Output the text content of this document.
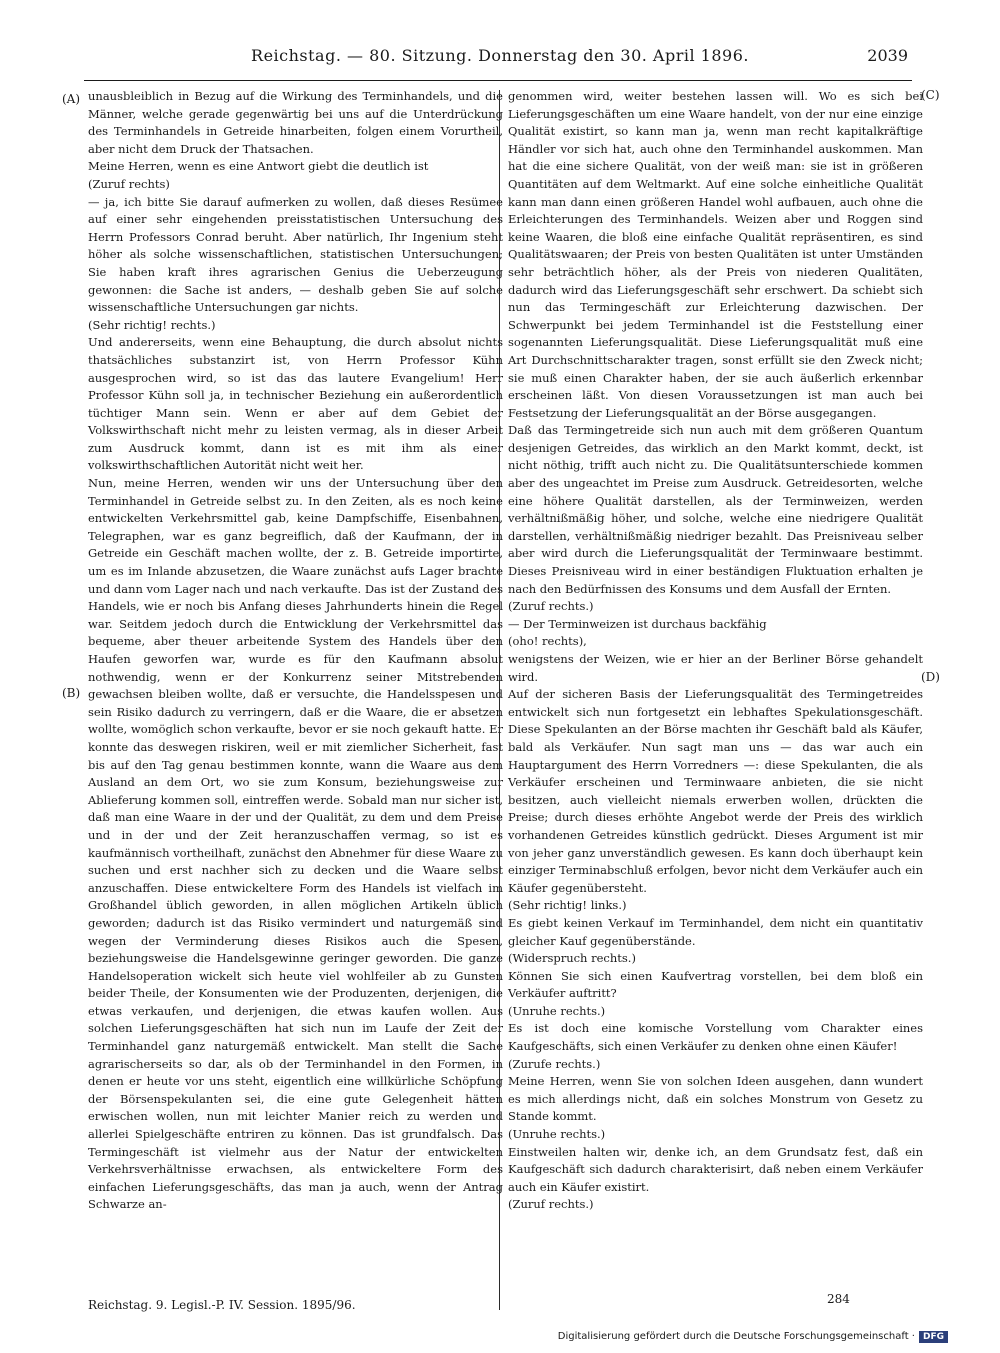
Reichstag. — 80. Sitzung. Donnerstag den 30. April 1896.	2039
(A)
(B)
(C)
(D)
unausbleiblich in Bezug auf die Wirkung des Terminhandels, und die Männer, welche gerade gegenwärtig bei uns auf die Unterdrückung des Terminhandels in Getreide hinarbeiten, folgen einem Vorurtheil, aber nicht dem Druck der Thatsachen.
Meine Herren, wenn es eine Antwort giebt die deutlich ist
(Zuruf rechts)
— ja, ich bitte Sie darauf aufmerken zu wollen, daß dieses Resümee auf einer sehr eingehenden preisstatistischen Untersuchung des Herrn Professors Conrad beruht. Aber natürlich, Ihr Ingenium steht höher als solche wissenschaftlichen, statistischen Untersuchungen; Sie haben kraft ihres agrarischen Genius die Ueberzeugung gewonnen: die Sache ist anders, — deshalb geben Sie auf solche wissenschaftliche Untersuchungen gar nichts.
(Sehr richtig! rechts.)
Und andererseits, wenn eine Behauptung, die durch absolut nichts thatsächliches substanzirt ist, von Herrn Professor Kühn ausgesprochen wird, so ist das das lautere Evangelium! Herr Professor Kühn soll ja, in technischer Beziehung ein außerordentlich tüchtiger Mann sein. Wenn er aber auf dem Gebiet der Volkswirthschaft nicht mehr zu leisten vermag, als in dieser Arbeit zum Ausdruck kommt, dann ist es mit ihm als einer volkswirthschaftlichen Autorität nicht weit her.
Nun, meine Herren, wenden wir uns der Untersuchung über den Terminhandel in Getreide selbst zu. In den Zeiten, als es noch keine entwickelten Verkehrsmittel gab, keine Dampfschiffe, Eisenbahnen, Telegraphen, war es ganz begreiflich, daß der Kaufmann, der in Getreide ein Geschäft machen wollte, der z. B. Getreide importirte, um es im Inlande abzusetzen, die Waare zunächst aufs Lager brachte und dann vom Lager nach und nach verkaufte. Das ist der Zustand des Handels, wie er noch bis Anfang dieses Jahrhunderts hinein die Regel war. Seitdem jedoch durch die Entwicklung der Verkehrsmittel das bequeme, aber theuer arbeitende System des Handels über den Haufen geworfen war, wurde es für den Kaufmann absolut nothwendig, wenn er der Konkurrenz seiner Mitstrebenden gewachsen bleiben wollte, daß er versuchte, die Handelsspesen und sein Risiko dadurch zu verringern, daß er die Waare, die er absetzen wollte, womöglich schon verkaufte, bevor er sie noch gekauft hatte. Er konnte das deswegen riskiren, weil er mit ziemlicher Sicherheit, fast bis auf den Tag genau bestimmen konnte, wann die Waare aus dem Ausland an dem Ort, wo sie zum Konsum, beziehungsweise zur Ablieferung kommen soll, eintreffen werde. Sobald man nur sicher ist, daß man eine Waare in der und der Qualität, zu dem und dem Preise und in der und der Zeit heranzuschaffen vermag, so ist es kaufmännisch vortheilhaft, zunächst den Abnehmer für diese Waare zu suchen und erst nachher sich zu decken und die Waare selbst anzuschaffen. Diese entwickeltere Form des Handels ist vielfach im Großhandel üblich geworden, in allen möglichen Artikeln üblich geworden; dadurch ist das Risiko vermindert und naturgemäß sind wegen der Verminderung dieses Risikos auch die Spesen, beziehungsweise die Handelsgewinne geringer geworden. Die ganze Handelsoperation wickelt sich heute viel wohlfeiler ab zu Gunsten beider Theile, der Konsumenten wie der Produzenten, derjenigen, die etwas verkaufen, und derjenigen, die etwas kaufen wollen. Aus solchen Lieferungsgeschäften hat sich nun im Laufe der Zeit der Terminhandel ganz naturgemäß entwickelt. Man stellt die Sache agrarischerseits so dar, als ob der Terminhandel in den Formen, in denen er heute vor uns steht, eigentlich eine willkürliche Schöpfung der Börsenspekulanten sei, die eine gute Gelegenheit hätten erwischen wollen, nun mit leichter Manier reich zu werden und allerlei Spielgeschäfte entriren zu können. Das ist grundfalsch. Das Termingeschäft ist vielmehr aus der Natur der entwickelten Verkehrsverhältnisse erwachsen, als entwickeltere Form des einfachen Lieferungsgeschäfts, das man ja auch, wenn der Antrag Schwarze an-
genommen wird, weiter bestehen lassen will. Wo es sich bei Lieferungsgeschäften um eine Waare handelt, von der nur eine einzige Qualität existirt, so kann man ja, wenn man recht kapitalkräftige Händler vor sich hat, auch ohne den Terminhandel auskommen. Man hat die eine sichere Qualität, von der weiß man: sie ist in größeren Quantitäten auf dem Weltmarkt. Auf eine solche einheitliche Qualität kann man dann einen größeren Handel wohl aufbauen, auch ohne die Erleichterungen des Terminhandels. Weizen aber und Roggen sind keine Waaren, die bloß eine einfache Qualität repräsentiren, es sind Qualitätswaaren; der Preis von besten Qualitäten ist unter Umständen sehr beträchtlich höher, als der Preis von niederen Qualitäten, dadurch wird das Lieferungsgeschäft sehr erschwert. Da schiebt sich nun das Termingeschäft zur Erleichterung dazwischen. Der Schwerpunkt bei jedem Terminhandel ist die Feststellung einer sogenannten Lieferungsqualität. Diese Lieferungsqualität muß eine Art Durchschnittscharakter tragen, sonst erfüllt sie den Zweck nicht; sie muß einen Charakter haben, der sie auch äußerlich erkennbar erscheinen läßt. Von diesen Voraussetzungen ist man auch bei Festsetzung der Lieferungsqualität an der Börse ausgegangen.
Daß das Termingetreide sich nun auch mit dem größeren Quantum desjenigen Getreides, das wirklich an den Markt kommt, deckt, ist nicht nöthig, trifft auch nicht zu. Die Qualitätsunterschiede kommen aber des ungeachtet im Preise zum Ausdruck. Getreidesorten, welche eine höhere Qualität darstellen, als der Terminweizen, werden verhältnißmäßig höher, und solche, welche eine niedrigere Qualität darstellen, verhältnißmäßig niedriger bezahlt. Das Preisniveau selber aber wird durch die Lieferungsqualität der Terminwaare bestimmt. Dieses Preisniveau wird in einer beständigen Fluktuation erhalten je nach den Bedürfnissen des Konsums und dem Ausfall der Ernten.
(Zuruf rechts.)
— Der Terminweizen ist durchaus backfähig
(oho! rechts),
wenigstens der Weizen, wie er hier an der Berliner Börse gehandelt wird.
Auf der sicheren Basis der Lieferungsqualität des Termingetreides entwickelt sich nun fortgesetzt ein lebhaftes Spekulationsgeschäft. Diese Spekulanten an der Börse machten ihr Geschäft bald als Käufer, bald als Verkäufer. Nun sagt man uns — das war auch ein Hauptargument des Herrn Vorredners —: diese Spekulanten, die als Verkäufer erscheinen und Terminwaare anbieten, die sie nicht besitzen, auch vielleicht niemals erwerben wollen, drückten die Preise; durch dieses erhöhte Angebot werde der Preis des wirklich vorhandenen Getreides künstlich gedrückt. Dieses Argument ist mir von jeher ganz unverständlich gewesen. Es kann doch überhaupt kein einziger Terminabschluß erfolgen, bevor nicht dem Verkäufer auch ein Käufer gegenübersteht.
(Sehr richtig! links.)
Es giebt keinen Verkauf im Terminhandel, dem nicht ein quantitativ gleicher Kauf gegenüberstände.
(Widerspruch rechts.)
Können Sie sich einen Kaufvertrag vorstellen, bei dem bloß ein Verkäufer auftritt?
(Unruhe rechts.)
Es ist doch eine komische Vorstellung vom Charakter eines Kaufgeschäfts, sich einen Verkäufer zu denken ohne einen Käufer!
(Zurufe rechts.)
Meine Herren, wenn Sie von solchen Ideen ausgehen, dann wundert es mich allerdings nicht, daß ein solches Monstrum von Gesetz zu Stande kommt.
(Unruhe rechts.)
Einstweilen halten wir, denke ich, an dem Grundsatz fest, daß ein Kaufgeschäft sich dadurch charakterisirt, daß neben einem Verkäufer auch ein Käufer existirt.
(Zuruf rechts.)
Reichstag. 9. Legisl.-P. IV. Session. 1895/96.	284
Digitalisierung gefördert durch die Deutsche Forschungsgemeinschaft · DFG
